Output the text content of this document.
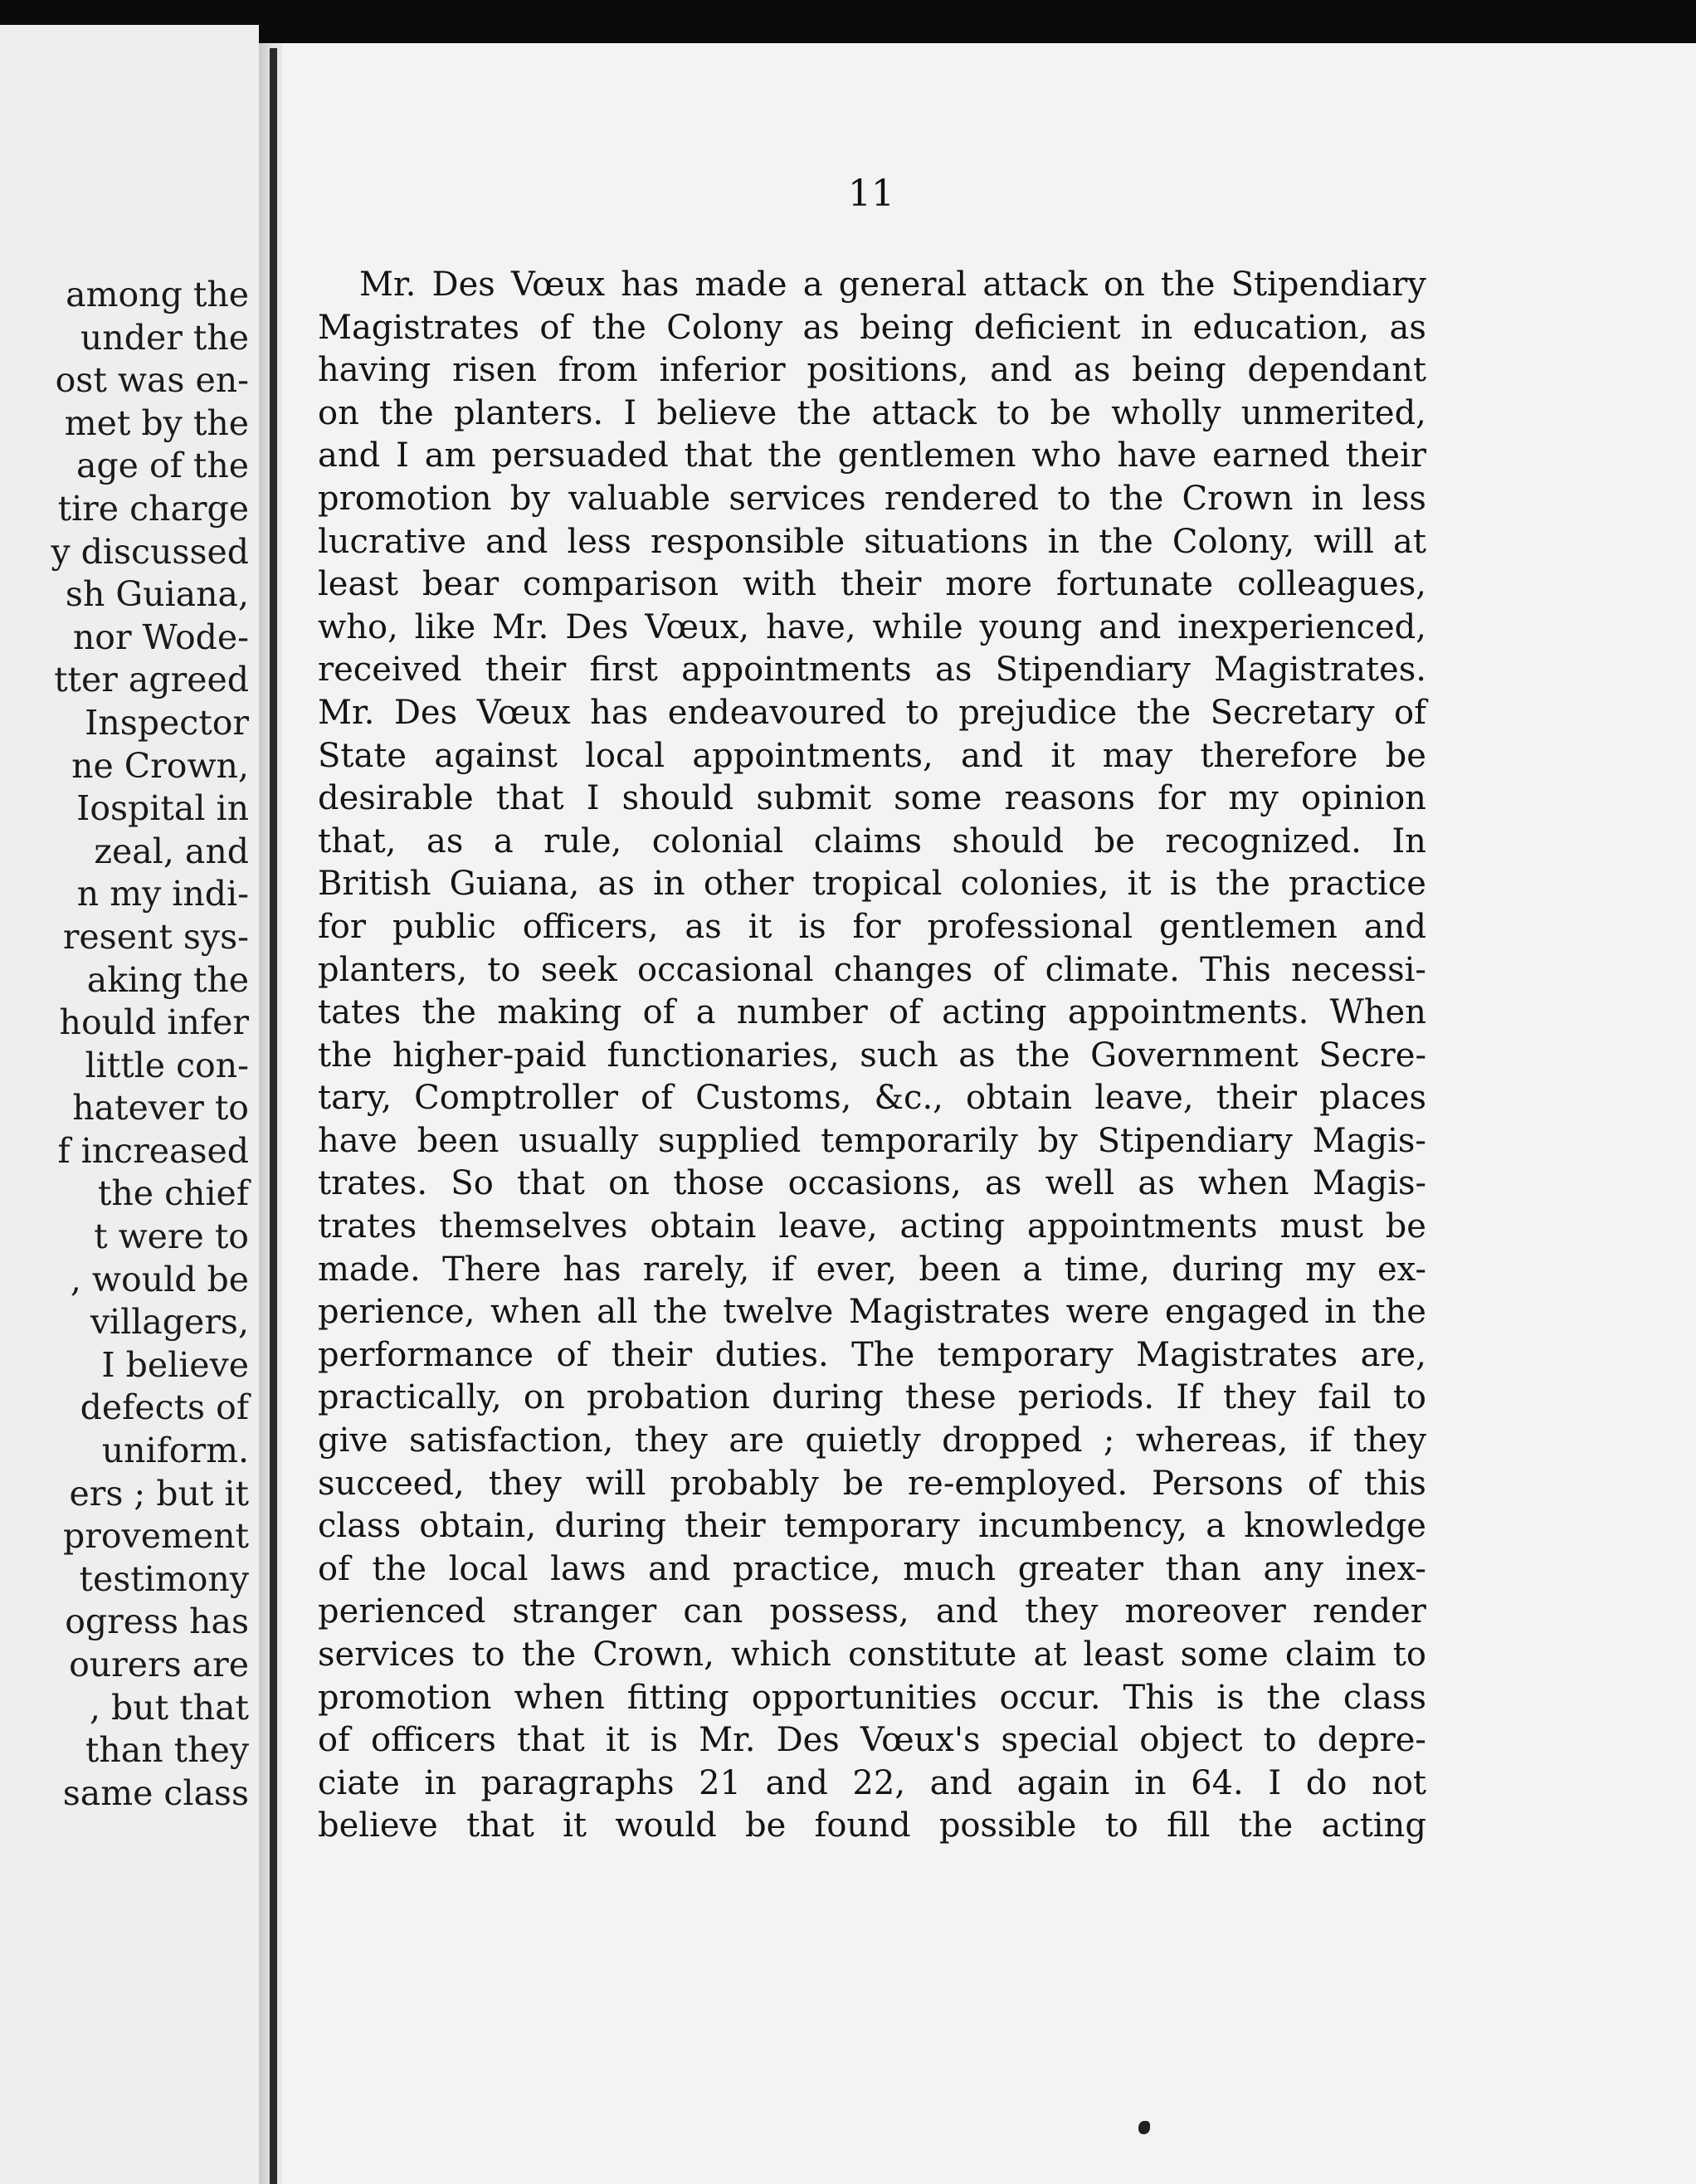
among the
under the
ost was en-
met by the
age of the
tire charge
y discussed
sh Guiana,
nor Wode-
tter agreed
Inspector
ne Crown,
Iospital in
zeal, and
n my indi-
resent sys-
aking the
hould infer
little con-
hatever to
f increased
the chief
t were to
, would be
villagers,
I believe
defects of
uniform.
ers ; but it
provement
testimony
ogress has
ourers are
, but that
than they
same class
11
Mr. Des Vœux has made a general attack on the Stipendiary
Magistrates of the Colony as being deficient in education, as
having risen from inferior positions, and as being dependant
on the planters. I believe the attack to be wholly unmerited,
and I am persuaded that the gentlemen who have earned their
promotion by valuable services rendered to the Crown in less
lucrative and less responsible situations in the Colony, will at
least bear comparison with their more fortunate colleagues,
who, like Mr. Des Vœux, have, while young and inexperienced,
received their first appointments as Stipendiary Magistrates.
Mr. Des Vœux has endeavoured to prejudice the Secretary of
State against local appointments, and it may therefore be
desirable that I should submit some reasons for my opinion
that, as a rule, colonial claims should be recognized. In
British Guiana, as in other tropical colonies, it is the practice
for public officers, as it is for professional gentlemen and
planters, to seek occasional changes of climate. This necessi-
tates the making of a number of acting appointments. When
the higher-paid functionaries, such as the Government Secre-
tary, Comptroller of Customs, &c., obtain leave, their places
have been usually supplied temporarily by Stipendiary Magis-
trates. So that on those occasions, as well as when Magis-
trates themselves obtain leave, acting appointments must be
made. There has rarely, if ever, been a time, during my ex-
perience, when all the twelve Magistrates were engaged in the
performance of their duties. The temporary Magistrates are,
practically, on probation during these periods. If they fail to
give satisfaction, they are quietly dropped ; whereas, if they
succeed, they will probably be re-employed. Persons of this
class obtain, during their temporary incumbency, a knowledge
of the local laws and practice, much greater than any inex-
perienced stranger can possess, and they moreover render
services to the Crown, which constitute at least some claim to
promotion when fitting opportunities occur. This is the class
of officers that it is Mr. Des Vœux's special object to depre-
ciate in paragraphs 21 and 22, and again in 64. I do not
believe that it would be found possible to fill the acting
